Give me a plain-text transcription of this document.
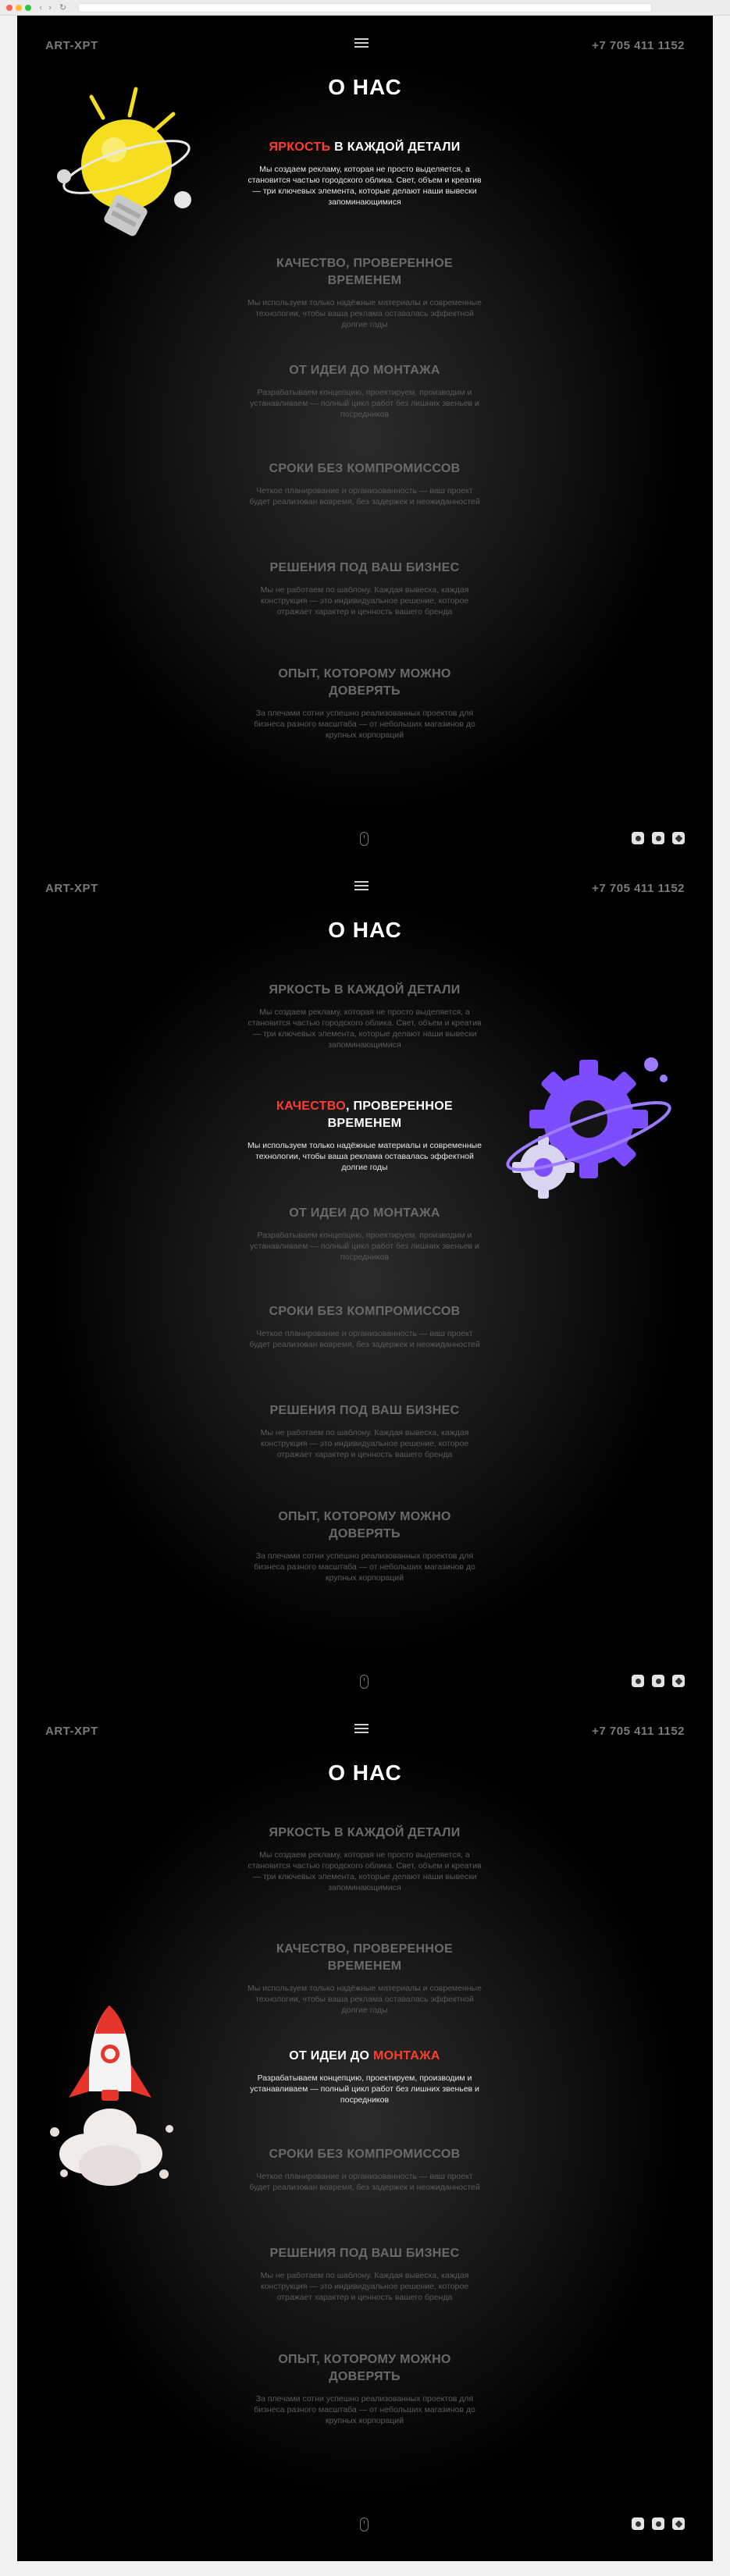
‹ › ↻
ART-XPT	+7 705 411 1152
О НАС
ЯРКОСТЬ В КАЖДОЙ ДЕТАЛИ

Мы создаем рекламу, которая не просто выделяется, а становится частью городского облика. Свет, объем и креатив — три ключевых элемента, которые делают наши вывески запоминающимися

КАЧЕСТВО, ПРОВЕРЕННОЕ ВРЕМЕНЕМ

Мы используем только надёжные материалы и современные технологии, чтобы ваша реклама оставалась эффектной долгие годы

ОТ ИДЕИ ДО МОНТАЖА

Разрабатываем концепцию, проектируем, производим и устанавливаем — полный цикл работ без лишних звеньев и посредников

СРОКИ БЕЗ КОМПРОМИССОВ

Четкое планирование и организованность — ваш проект будет реализован вовремя, без задержек и неожиданностей

РЕШЕНИЯ ПОД ВАШ БИЗНЕС

Мы не работаем по шаблону. Каждая вывеска, каждая конструкция — это индивидуальное решение, которое отражает характер и ценность вашего бренда

ОПЫТ, КОТОРОМУ МОЖНО ДОВЕРЯТЬ

За плечами сотни успешно реализованных проектов для бизнеса разного масштаба — от небольших магазинов до крупных корпораций

ART-XPT	+7 705 411 1152
О НАС
ЯРКОСТЬ В КАЖДОЙ ДЕТАЛИ

Мы создаем рекламу, которая не просто выделяется, а становится частью городского облика. Свет, объем и креатив — три ключевых элемента, которые делают наши вывески запоминающимися

КАЧЕСТВО, ПРОВЕРЕННОЕ ВРЕМЕНЕМ

Мы используем только надёжные материалы и современные технологии, чтобы ваша реклама оставалась эффектной долгие годы

ОТ ИДЕИ ДО МОНТАЖА

Разрабатываем концепцию, проектируем, производим и устанавливаем — полный цикл работ без лишних звеньев и посредников

СРОКИ БЕЗ КОМПРОМИССОВ

Четкое планирование и организованность — ваш проект будет реализован вовремя, без задержек и неожиданностей

РЕШЕНИЯ ПОД ВАШ БИЗНЕС

Мы не работаем по шаблону. Каждая вывеска, каждая конструкция — это индивидуальное решение, которое отражает характер и ценность вашего бренда

ОПЫТ, КОТОРОМУ МОЖНО ДОВЕРЯТЬ

За плечами сотни успешно реализованных проектов для бизнеса разного масштаба — от небольших магазинов до крупных корпораций

ART-XPT	+7 705 411 1152
О НАС
ЯРКОСТЬ В КАЖДОЙ ДЕТАЛИ

Мы создаем рекламу, которая не просто выделяется, а становится частью городского облика. Свет, объем и креатив — три ключевых элемента, которые делают наши вывески запоминающимися

КАЧЕСТВО, ПРОВЕРЕННОЕ ВРЕМЕНЕМ

Мы используем только надёжные материалы и современные технологии, чтобы ваша реклама оставалась эффектной долгие годы

ОТ ИДЕИ ДО МОНТАЖА

Разрабатываем концепцию, проектируем, производим и устанавливаем — полный цикл работ без лишних звеньев и посредников

СРОКИ БЕЗ КОМПРОМИССОВ

Четкое планирование и организованность — ваш проект будет реализован вовремя, без задержек и неожиданностей

РЕШЕНИЯ ПОД ВАШ БИЗНЕС

Мы не работаем по шаблону. Каждая вывеска, каждая конструкция — это индивидуальное решение, которое отражает характер и ценность вашего бренда

ОПЫТ, КОТОРОМУ МОЖНО ДОВЕРЯТЬ

За плечами сотни успешно реализованных проектов для бизнеса разного масштаба — от небольших магазинов до крупных корпораций
